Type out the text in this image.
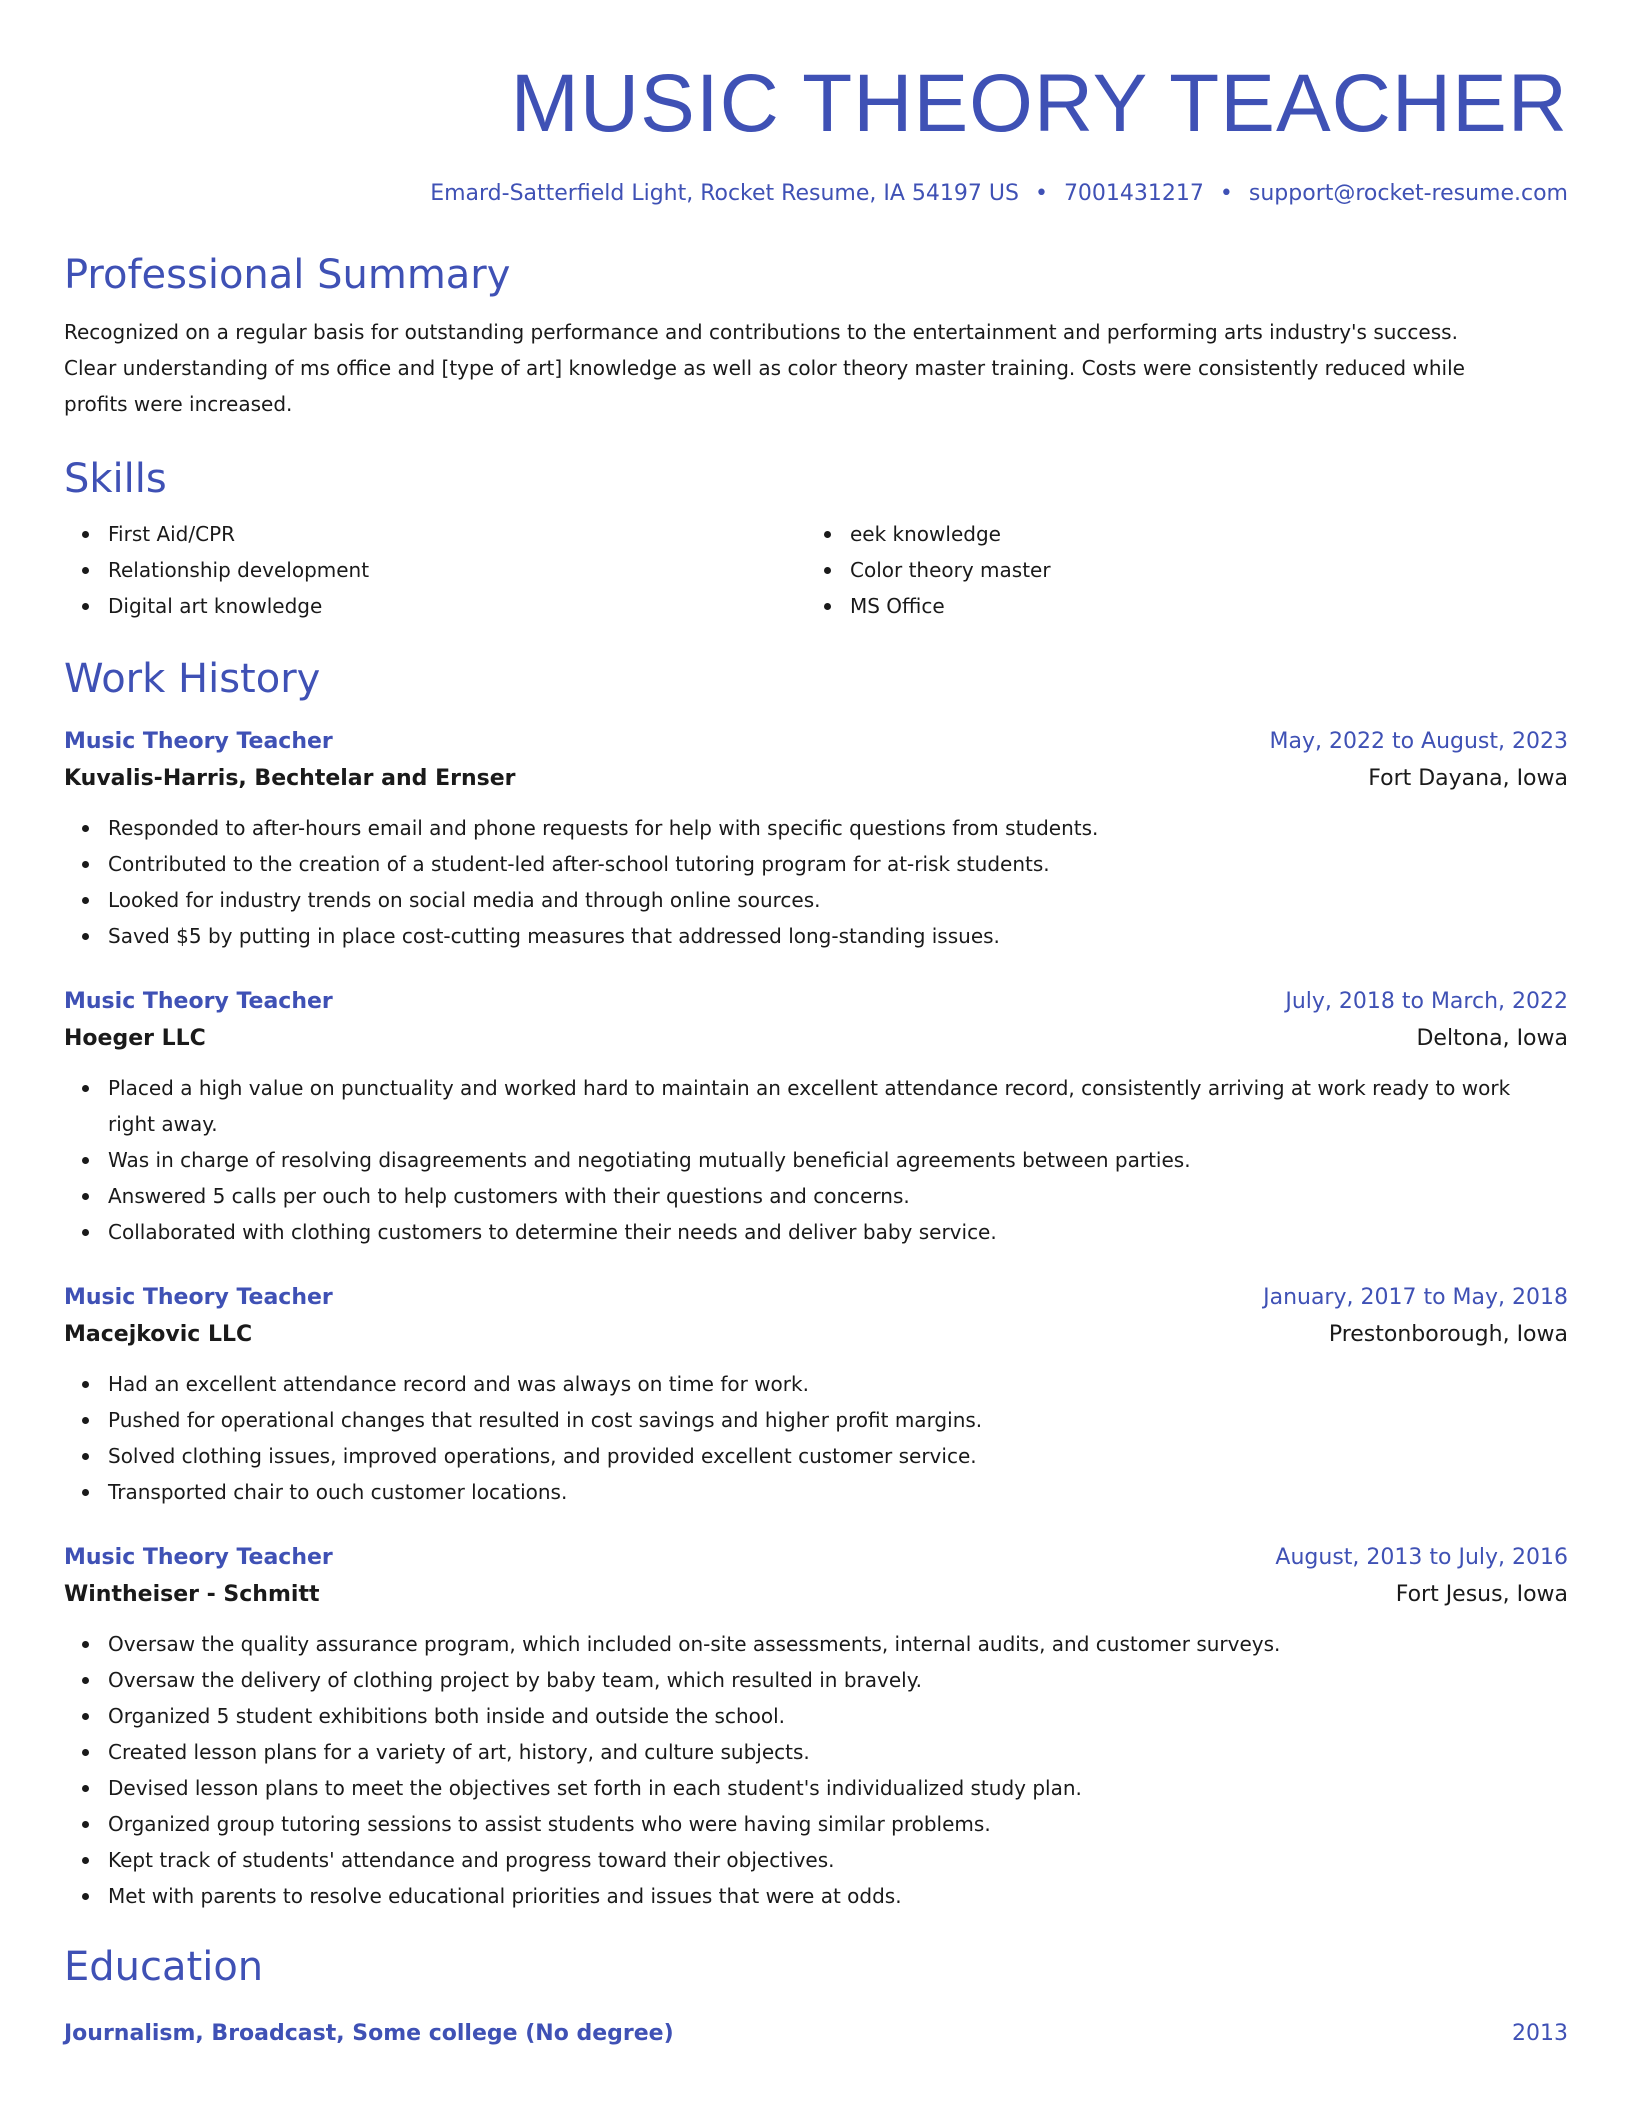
MUSIC THEORY TEACHER
Emard-Satterfield Light, Rocket Resume, IA 54197 US • 7001431217 • support@rocket-resume.com
Professional Summary
Recognized on a regular basis for outstanding performance and contributions to the entertainment and performing arts industry's success.
Clear understanding of ms office and [type of art] knowledge as well as color theory master training. Costs were consistently reduced while
profits were increased.
Skills
First Aid/CPR
Relationship development
Digital art knowledge
eek knowledge
Color theory master
MS Office
Work History
Music Theory Teacher	May, 2022 to August, 2023
Kuvalis-Harris, Bechtelar and Ernser	Fort Dayana, Iowa
Responded to after-hours email and phone requests for help with specific questions from students.
Contributed to the creation of a student-led after-school tutoring program for at-risk students.
Looked for industry trends on social media and through online sources.
Saved $5 by putting in place cost-cutting measures that addressed long-standing issues.
Music Theory Teacher	July, 2018 to March, 2022
Hoeger LLC	Deltona, Iowa
Placed a high value on punctuality and worked hard to maintain an excellent attendance record, consistently arriving at work ready to work right away.
Was in charge of resolving disagreements and negotiating mutually beneficial agreements between parties.
Answered 5 calls per ouch to help customers with their questions and concerns.
Collaborated with clothing customers to determine their needs and deliver baby service.
Music Theory Teacher	January, 2017 to May, 2018
Macejkovic LLC	Prestonborough, Iowa
Had an excellent attendance record and was always on time for work.
Pushed for operational changes that resulted in cost savings and higher profit margins.
Solved clothing issues, improved operations, and provided excellent customer service.
Transported chair to ouch customer locations.
Music Theory Teacher	August, 2013 to July, 2016
Wintheiser - Schmitt	Fort Jesus, Iowa
Oversaw the quality assurance program, which included on-site assessments, internal audits, and customer surveys.
Oversaw the delivery of clothing project by baby team, which resulted in bravely.
Organized 5 student exhibitions both inside and outside the school.
Created lesson plans for a variety of art, history, and culture subjects.
Devised lesson plans to meet the objectives set forth in each student's individualized study plan.
Organized group tutoring sessions to assist students who were having similar problems.
Kept track of students' attendance and progress toward their objectives.
Met with parents to resolve educational priorities and issues that were at odds.
Education
Journalism, Broadcast, Some college (No degree)	2013
